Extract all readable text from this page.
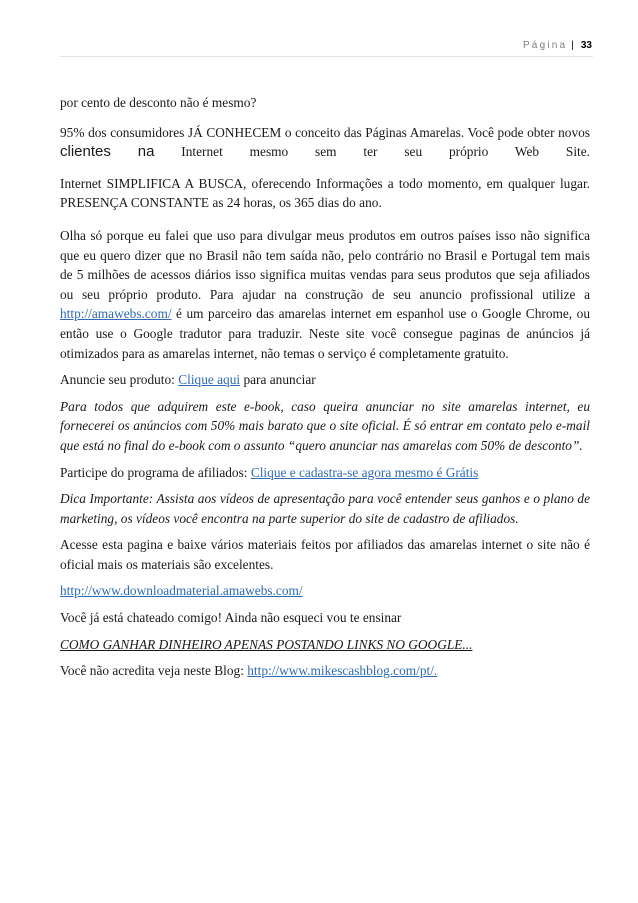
Página | 33

por cento de desconto não é mesmo?

95% dos consumidores JÁ CONHECEM o conceito das Páginas Amarelas. Você pode obter novos clientes na Internet mesmo sem ter seu próprio Web Site.

Internet SIMPLIFICA A BUSCA, oferecendo Informações a todo momento, em qualquer lugar. PRESENÇA CONSTANTE as 24 horas, os 365 dias do ano.

Olha só porque eu falei que uso para divulgar meus produtos em outros países isso não significa que eu quero dizer que no Brasil não tem saída não, pelo contrário no Brasil e Portugal tem mais de 5 milhões de acessos diários isso significa muitas vendas para seus produtos que seja afiliados ou seu próprio produto. Para ajudar na construção de seu anuncio profissional utilize a http://amawebs.com/ é um parceiro das amarelas internet em espanhol use o Google Chrome, ou então use o Google tradutor para traduzir. Neste site você consegue paginas de anúncios já otimizados para as amarelas internet, não temas o serviço é completamente gratuito.

Anuncie seu produto: Clique aqui para anunciar

Para todos que adquirem este e-book, caso queira anunciar no site amarelas internet, eu fornecerei os anúncios com 50% mais barato que o site oficial. É só entrar em contato pelo e-mail que está no final do e-book com o assunto “quero anunciar nas amarelas com 50% de desconto”.

Participe do programa de afiliados: Clique e cadastra-se agora mesmo é Grátis

Dica Importante: Assista aos vídeos de apresentação para você entender seus ganhos e o plano de marketing, os vídeos você encontra na parte superior do site de cadastro de afiliados.

Acesse esta pagina e baixe vários materiais feitos por afiliados das amarelas internet o site não é oficial mais os materiais são excelentes.

http://www.downloadmaterial.amawebs.com/

Você já está chateado comigo! Ainda não esqueci vou te ensinar

COMO GANHAR DINHEIRO APENAS POSTANDO LINKS NO GOOGLE...

Você não acredita veja neste Blog: http://www.mikescashblog.com/pt/.
